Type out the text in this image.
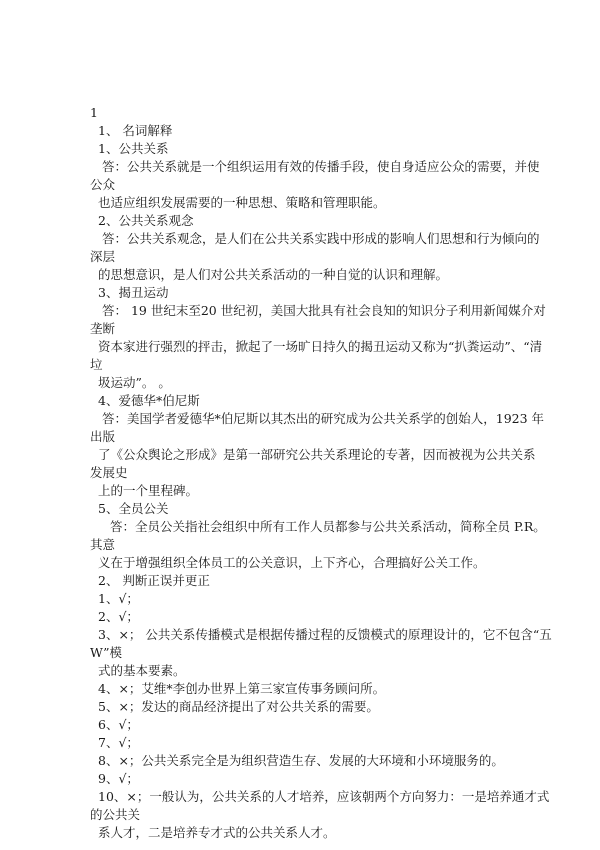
1
1、 名词解释
1、公共关系
答：公共关系就是一个组织运用有效的传播手段，使自身适应公众的需要，并使
公众
也适应组织发展需要的一种思想、策略和管理职能。
2、公共关系观念
答：公共关系观念，是人们在公共关系实践中形成的影响人们思想和行为倾向的
深层
的思想意识，是人们对公共关系活动的一种自觉的认识和理解。
3、揭丑运动
答： 19 世纪末至20 世纪初，美国大批具有社会良知的知识分子利用新闻媒介对
垄断
资本家进行强烈的抨击，掀起了一场旷日持久的揭丑运动又称为“扒粪运动”、“清
垃
圾运动”。 。
4、爱德华*伯尼斯
答：美国学者爱德华*伯尼斯以其杰出的研究成为公共关系学的创始人，1923 年
出版
了《公众舆论之形成》是第一部研究公共关系理论的专著，因而被视为公共关系
发展史
上的一个里程碑。
5、全员公关
答：全员公关指社会组织中所有工作人员都参与公共关系活动，简称全员 P.R。
其意
义在于增强组织全体员工的公关意识，上下齐心，合理搞好公关工作。
2、 判断正误并更正
1、√；
2、√；
3、×； 公共关系传播模式是根据传播过程的反馈模式的原理设计的，它不包含“五
W”模
式的基本要素。
4、×；艾维*李创办世界上第三家宣传事务顾问所。
5、×；发达的商品经济提出了对公共关系的需要。
6、√；
7、√；
8、×；公共关系完全是为组织营造生存、发展的大环境和小环境服务的。
9、√；
10、×；一般认为，公共关系的人才培养，应该朝两个方向努力：一是培养通才式
的公共关
系人才，二是培养专才式的公共关系人才。
